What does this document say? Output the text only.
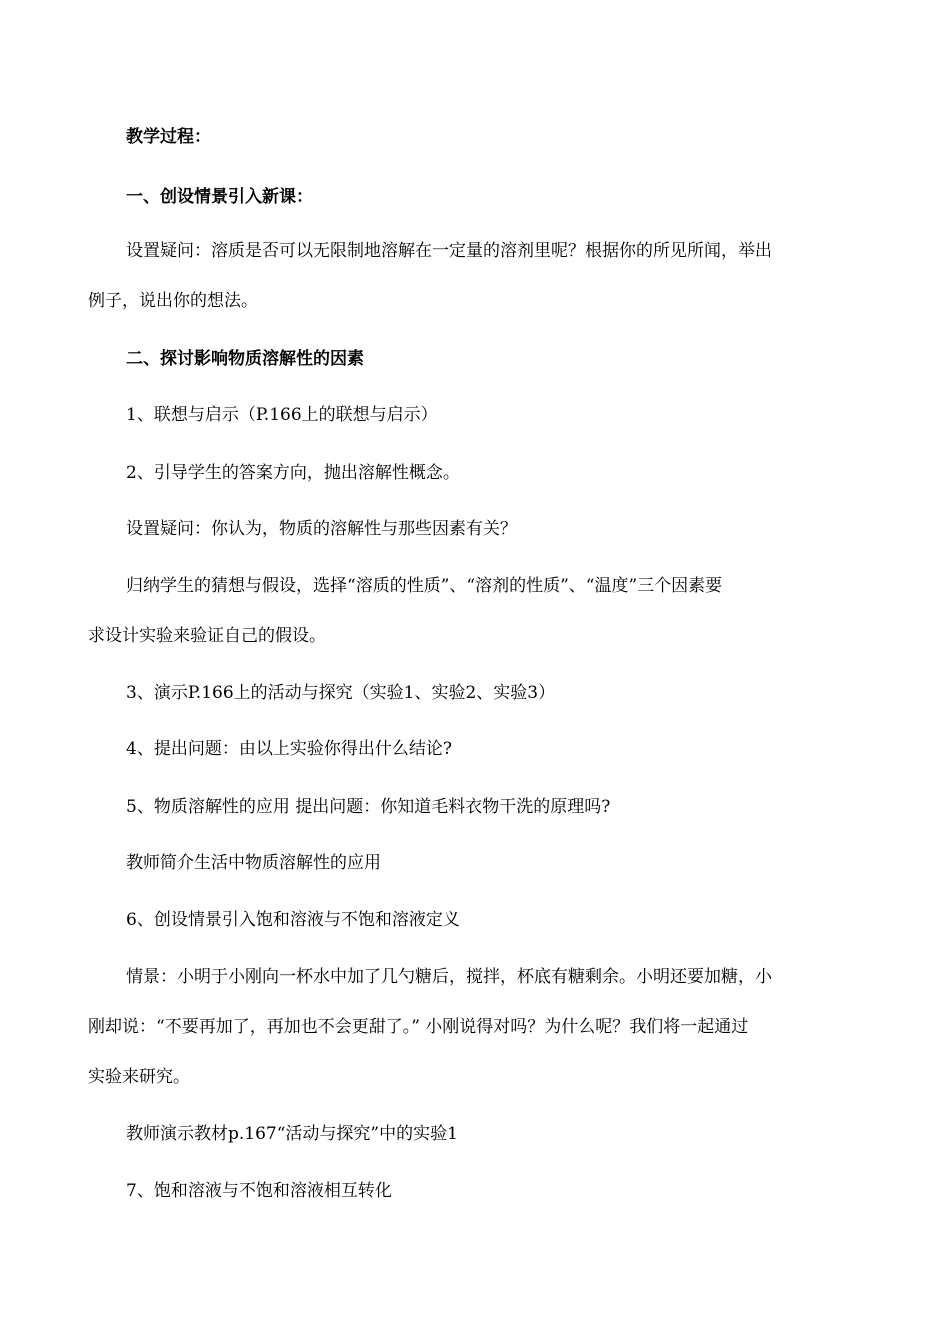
教学过程：
一、创设情景引入新课：
设置疑问：溶质是否可以无限制地溶解在一定量的溶剂里呢？根据你的所见所闻，举出
例子，说出你的想法。
二、探讨影响物质溶解性的因素
1、联想与启示（P.166上的联想与启示）
2、引导学生的答案方向，抛出溶解性概念。
设置疑问：你认为，物质的溶解性与那些因素有关？
归纳学生的猜想与假设，选择“溶质的性质”、“溶剂的性质”、“温度”三个因素要
求设计实验来验证自己的假设。
3、演示P.166上的活动与探究（实验1、实验2、实验3）
4、提出问题：由以上实验你得出什么结论?
5、物质溶解性的应用 提出问题：你知道毛料衣物干洗的原理吗?
教师简介生活中物质溶解性的应用
6、创设情景引入饱和溶液与不饱和溶液定义
情景：小明于小刚向一杯水中加了几勺糖后，搅拌，杯底有糖剩余。小明还要加糖，小
刚却说：“不要再加了，再加也不会更甜了。” 小刚说得对吗？为什么呢？我们将一起通过
实验来研究。
教师演示教材p.167“活动与探究”中的实验1
7、饱和溶液与不饱和溶液相互转化
